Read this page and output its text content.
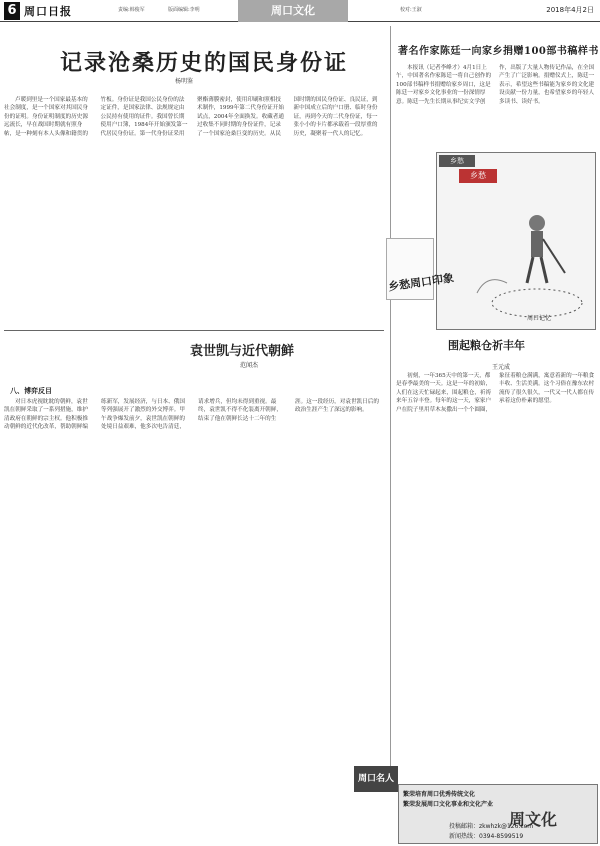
6 周口日报	责编:韩俊军	版面编辑:李明	周口文化	校对:王淑	2018年4月2日
记录沧桑历史的国民身份证
杨明鉴
卢暖到里是一个国家最基本的社会制度，是一个国家对其国民身份的证明。身份证明制度的历史源远流长，早在战国时期就有照身帖，是一种刻有本人头像和籍贯的竹板。身份证是我国公民身份的法定证件，是国家法律、法规规定由公民持有使用的证件。我国曾长期使用户口簿，1984年开始颁发第一代居民身份证。第一代身份证采用聚酯薄膜密封，使用印刷和照相技术制作，1999年第二代身份证开始试点，2004年全面换发。收藏者通过收集不同时期的身份证件，记录了一个国家沧桑巨变的历史。从民国时期的国民身份证、良民证，到新中国成立后的户口册、临时身份证，再到今天的二代身份证，每一张小小的卡片都承载着一段厚重的历史，凝聚着一代人的记忆。
著名作家陈廷一向家乡捐赠100部书稿样书
本报讯（记者李峰才）4月1日上午，中国著名作家陈廷一将自己创作的100部书稿样书捐赠给家乡周口，这是陈廷一对家乡文化事业的一份深情厚意。陈廷一先生长期从事纪实文学创作，出版了大量人物传记作品，在全国产生了广泛影响。捐赠仪式上，陈廷一表示，希望这些书稿能为家乡的文化建设贡献一份力量，也希望家乡的年轻人多读书、读好书。
乡愁
乡愁
周口记忆
乡愁周口印象
袁世凯与近代朝鲜
范闻杰
八、博弈反目
对日本虎视眈眈的朝鲜，袁世凯在朝鲜采取了一系列措施，维护清政府在朝鲜的宗主权。他积极推动朝鲜的近代化改革，帮助朝鲜编练新军，发展经济，与日本、俄国等列强展开了激烈的外交博弈。甲午战争爆发前夕，袁世凯在朝鲜的处境日益艰难，他多次电告清廷，请求增兵，但均未得到重视。最终，袁世凯不得不化装离开朝鲜，结束了他在朝鲜长达十二年的生涯。这一段经历，对袁世凯日后的政治生涯产生了深远的影响。
围起粮仓祈丰年
王元成
初刻，一年365天中的第一天，都是春季最美的一天。这是一年的初始，人们在这天忙碌起来，围起粮仓，祈祷来年五谷丰登。每年的这一天，家家户户在院子里用草木灰撒出一个个圆圈，象征着粮仓满满，寓意着新的一年粮食丰收、生活美满。这个习俗在豫东农村流传了很久很久，一代又一代人都在传承着这份朴素的愿望。
周口名人
繁荣培育周口优秀传统文化
繁荣发展周口文化事业和文化产业
周文化
投稿邮箱：zkwhzk@126.com
新闻热线：0394-8599519
